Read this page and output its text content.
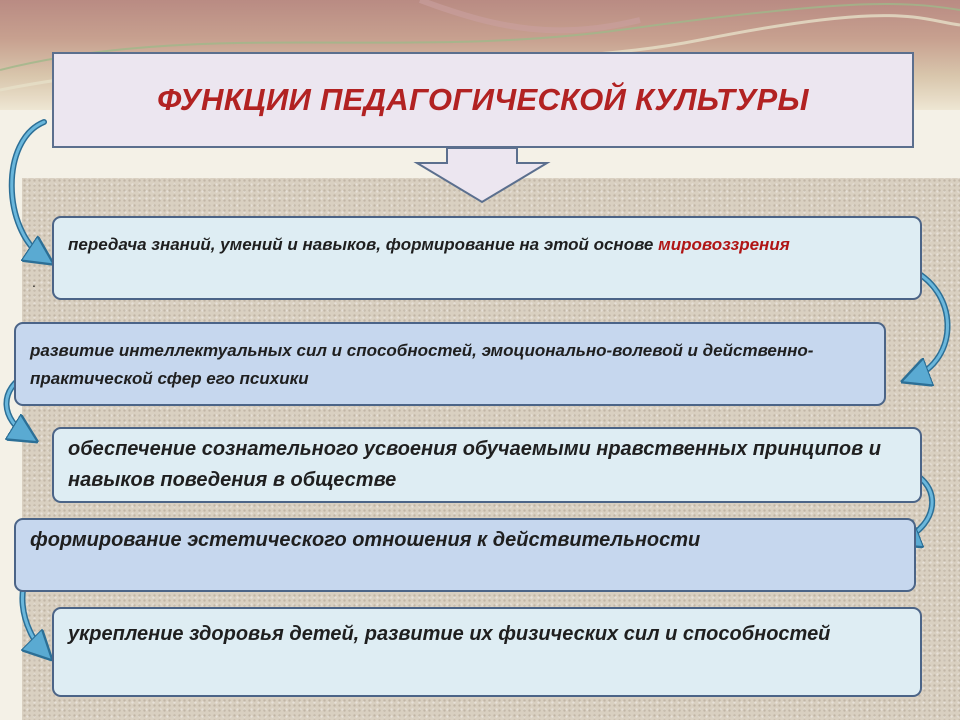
ФУНКЦИИ ПЕДАГОГИЧЕСКОЙ КУЛЬТУРЫ
.
передача знаний, умений и навыков, формирование на этой основе мировоззрения
развитие интеллектуальных сил и способностей, эмоционально-волевой и действенно- практической сфер его психики
обеспечение сознательного усвоения обучаемыми нравственных принципов и навыков поведения в обществе
формирование эстетического отношения к действительности
укрепление здоровья детей, развитие их физических сил и способностей
